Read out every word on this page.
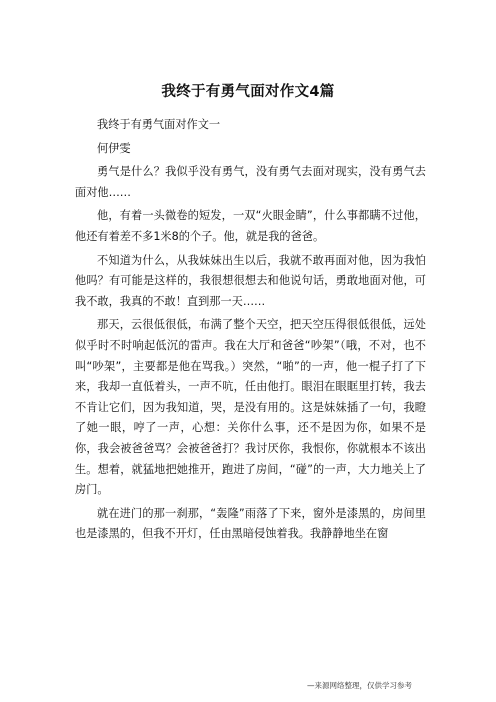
我终于有勇气面对作文4篇

我终于有勇气面对作文一

何伊雯

勇气是什么？我似乎没有勇气，没有勇气去面对现实，没有勇气去面对他……

他，有着一头微卷的短发，一双“火眼金睛”，什么事都瞒不过他，他还有着差不多1米8的个子。他，就是我的爸爸。

不知道为什么，从我妹妹出生以后，我就不敢再面对他，因为我怕他吗？有可能是这样的，我很想很想去和他说句话，勇敢地面对他，可我不敢，我真的不敢！直到那一天……

那天，云很低很低，布满了整个天空，把天空压得很低很低，远处似乎时不时响起低沉的雷声。我在大厅和爸爸“吵架”（哦，不对，也不叫“吵架”，主要都是他在骂我。）突然，“啪”的一声，他一棍子打了下来，我却一直低着头，一声不吭，任由他打。眼泪在眼眶里打转，我去不肯让它们，因为我知道，哭，是没有用的。这是妹妹插了一句，我瞪了她一眼，哼了一声，心想：关你什么事，还不是因为你，如果不是你，我会被爸爸骂？会被爸爸打？我讨厌你，我恨你，你就根本不该出生。想着，就猛地把她推开，跑进了房间，“碰”的一声，大力地关上了房门。

就在进门的那一刹那，“轰隆”雨落了下来，窗外是漆黑的，房间里也是漆黑的，但我不开灯，任由黑暗侵蚀着我。我静静地坐在窗

—来源网络整理，仅供学习参考
